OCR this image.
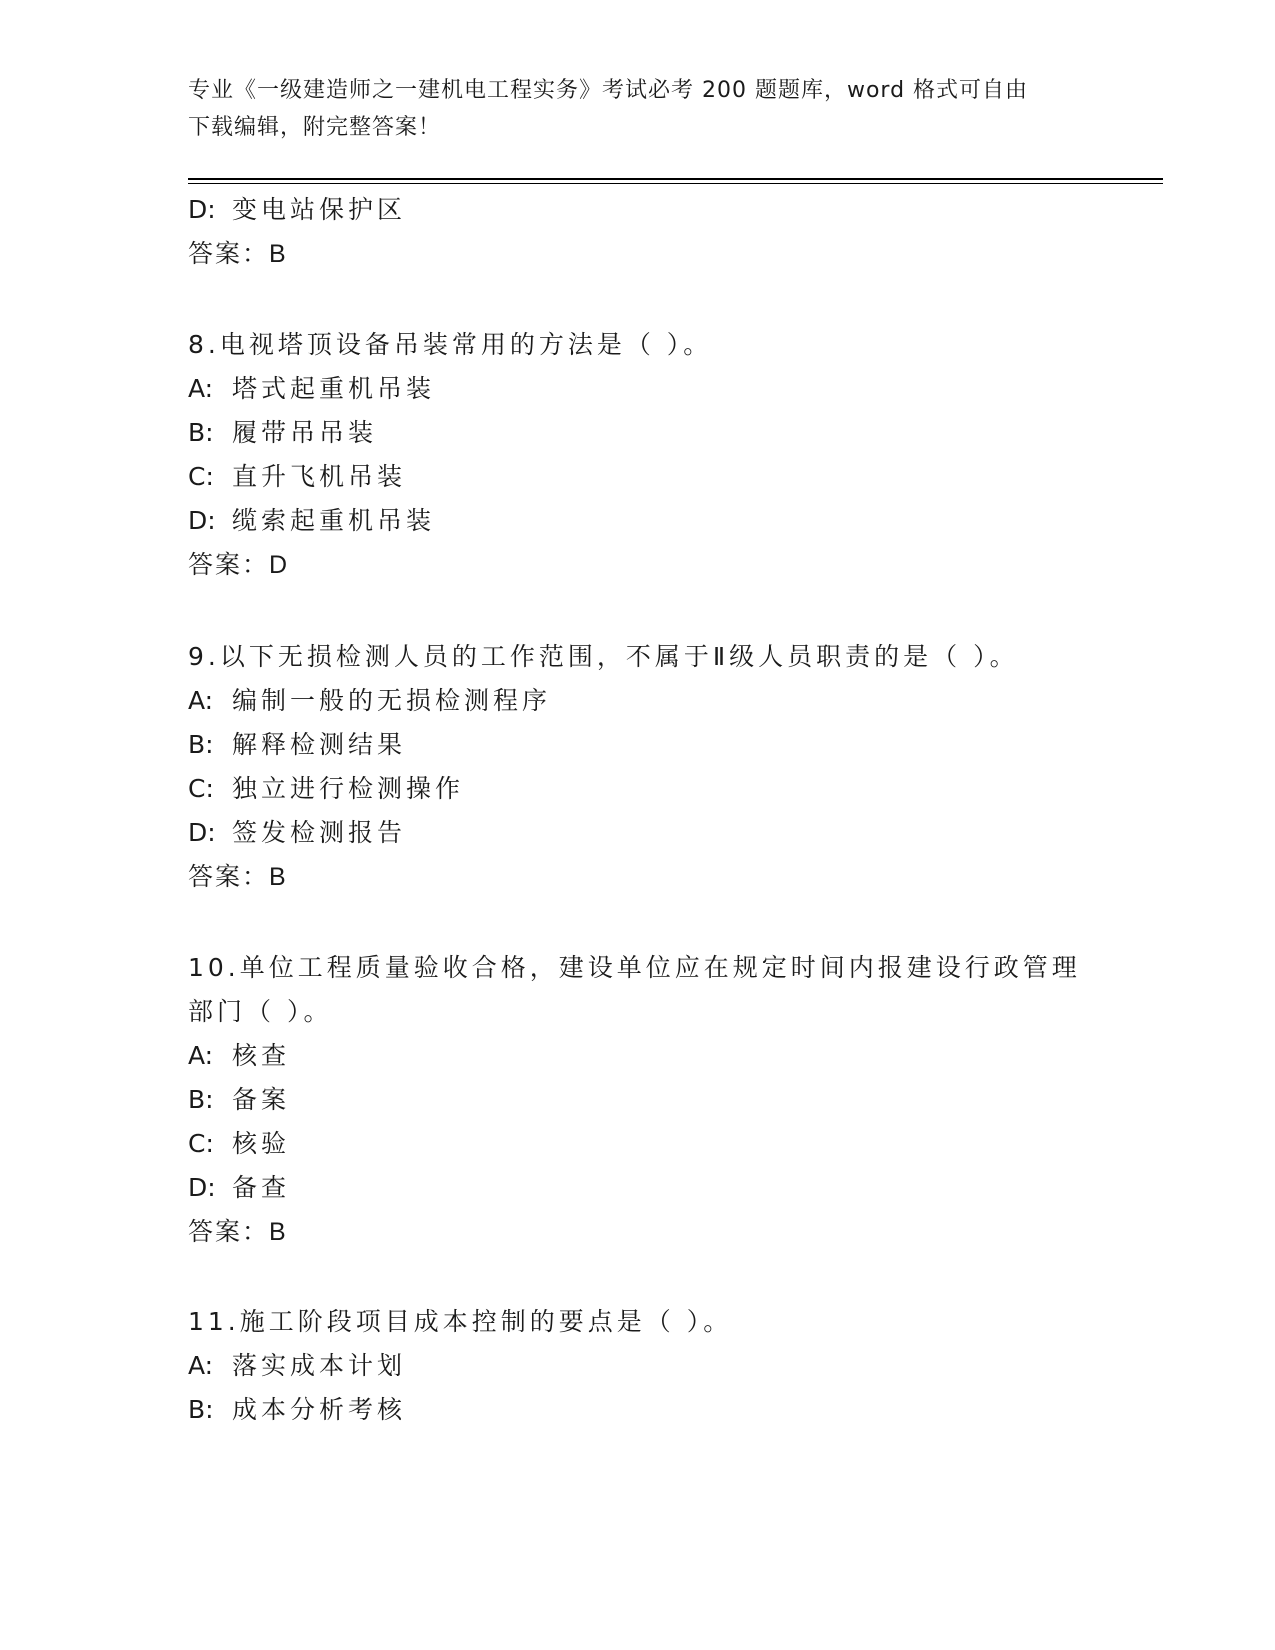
专业《一级建造师之一建机电工程实务》考试必考 200 题题库，word 格式可自由
下载编辑，附完整答案！
D: 变电站保护区
答案：B
8.电视塔顶设备吊装常用的方法是（ ）。
A: 塔式起重机吊装
B: 履带吊吊装
C: 直升飞机吊装
D: 缆索起重机吊装
答案：D
9.以下无损检测人员的工作范围，不属于Ⅱ级人员职责的是（ ）。
A: 编制一般的无损检测程序
B: 解释检测结果
C: 独立进行检测操作
D: 签发检测报告
答案：B
10.单位工程质量验收合格，建设单位应在规定时间内报建设行政管理
部门（ ）。
A: 核查
B: 备案
C: 核验
D: 备查
答案：B
11.施工阶段项目成本控制的要点是（ ）。
A: 落实成本计划
B: 成本分析考核
